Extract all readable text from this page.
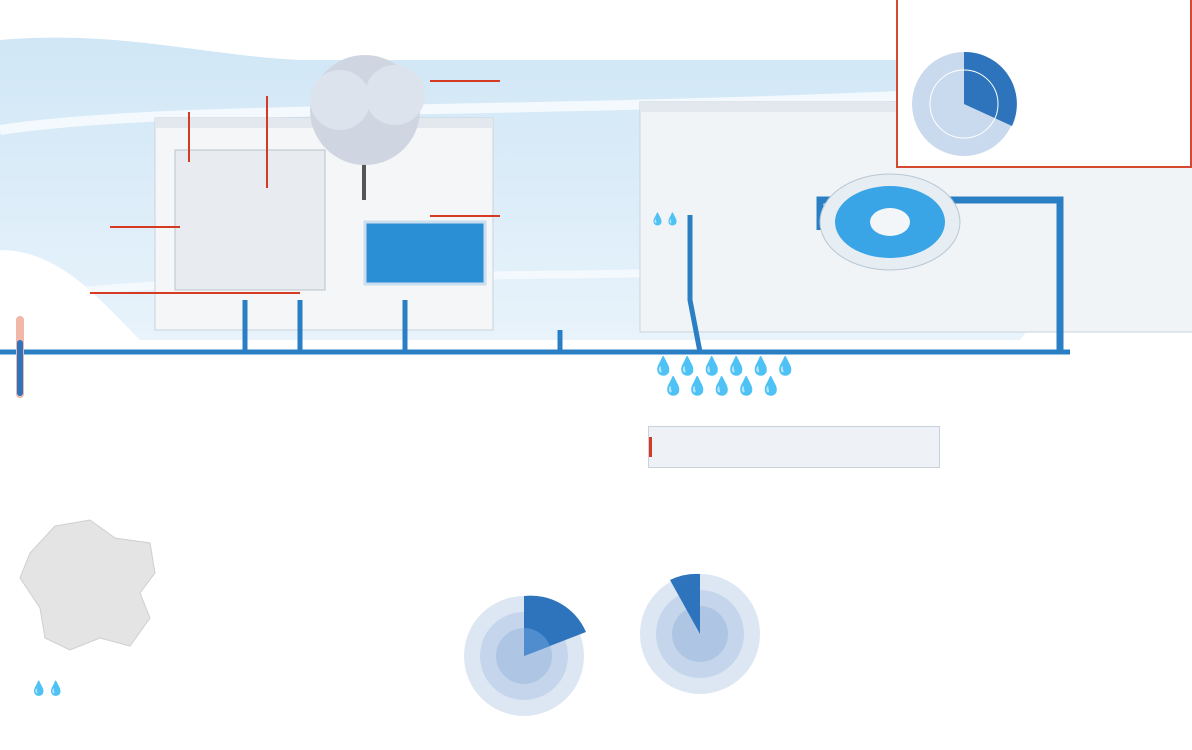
💧💧
💧💧
💧💧💧💧💧💧
💧💧💧💧💧
